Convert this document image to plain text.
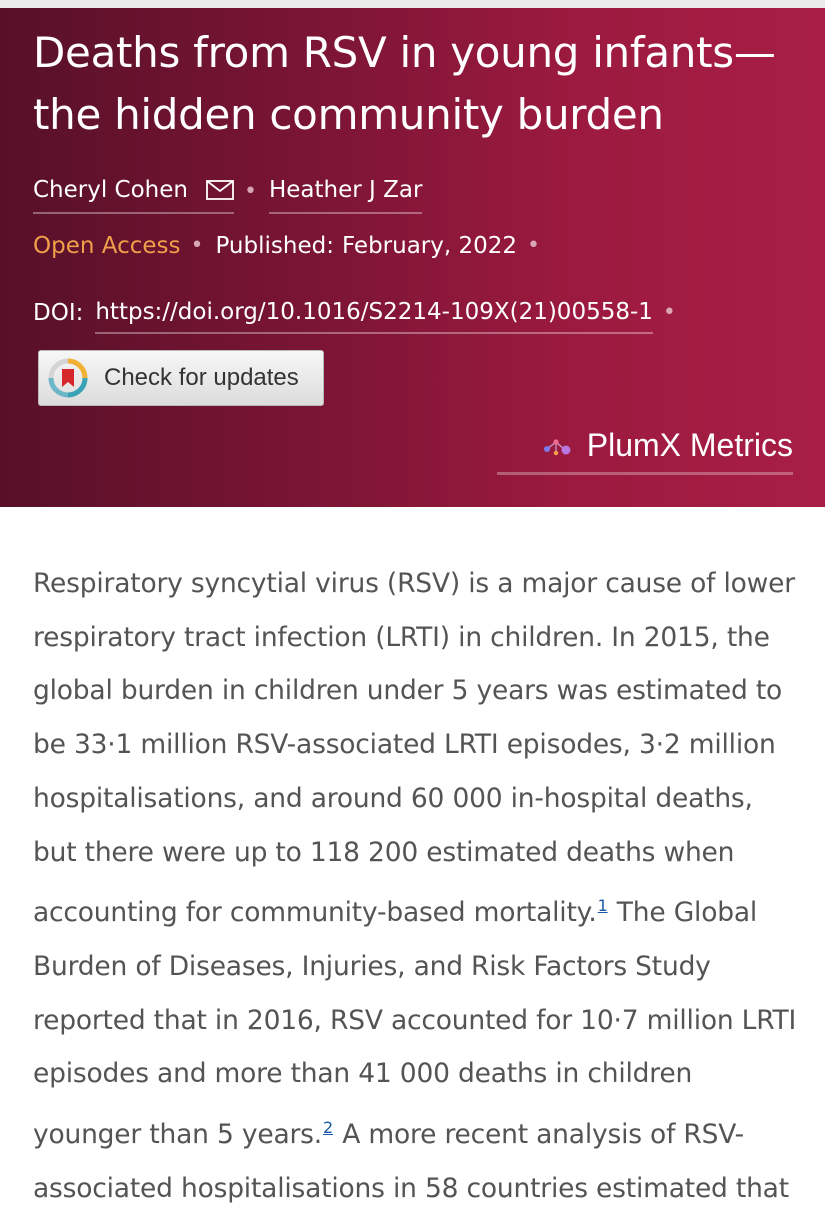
Deaths from RSV in young infants—
the hidden community burden
Cheryl Cohen	• Heather J Zar
Open Access • Published: February, 2022 •
DOI: https://doi.org/10.1016/S2214-109X(21)00558-1 •
Check for updates
PlumX Metrics

Respiratory syncytial virus (RSV) is a major cause of lower respiratory tract infection (LRTI) in children. In 2015, the global burden in children under 5 years was estimated to be 33·1 million RSV-associated LRTI episodes, 3·2 million hospitalisations, and around 60 000 in-hospital deaths, but there were up to 118 200 estimated deaths when accounting for community-based mortality.$^1$ The Global Burden of Diseases, Injuries, and Risk Factors Study reported that in 2016, RSV accounted for 10·7 million LRTI episodes and more than 41 000 deaths in children younger than 5 years.$^2$ A more recent analysis of RSV-associated hospitalisations in 58 countries estimated that
